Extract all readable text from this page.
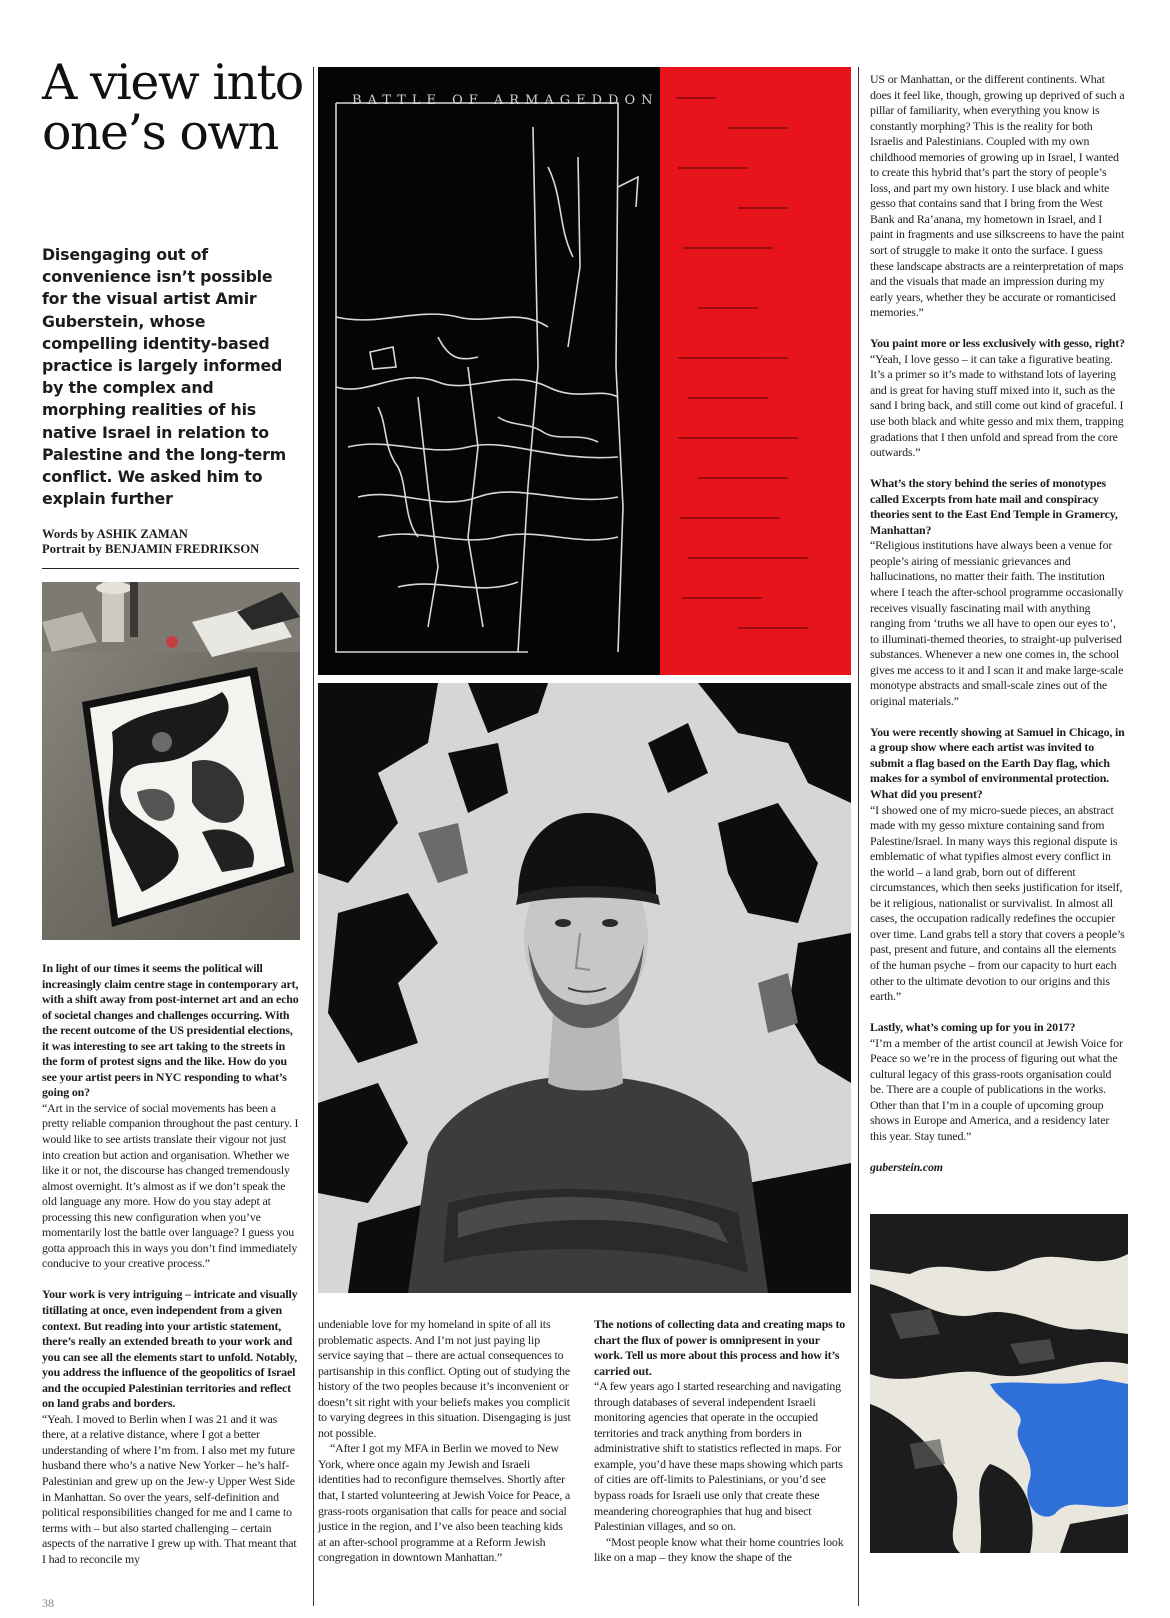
A view into one’s own
Disengaging out of convenience isn’t possible for the visual artist Amir Guberstein, whose compelling identity-based practice is largely informed by the complex and morphing realities of his native Israel in relation to Palestine and the long-term conflict. We asked him to explain further
Words by ASHIK ZAMAN
Portrait by BENJAMIN FREDRIKSON

In light of our times it seems the political will increasingly claim centre stage in contemporary art, with a shift away from post-internet art and an echo of societal changes and challenges occurring. With the recent outcome of the US presidential elections, it was interesting to see art taking to the streets in the form of protest signs and the like. How do you see your artist peers in NYC responding to what’s going on?

“Art in the service of social movements has been a pretty reliable companion throughout the past century. I would like to see artists translate their vigour not just into creation but action and organisation. Whether we like it or not, the discourse has changed tremendously almost overnight. It’s almost as if we don’t speak the old language any more. How do you stay adept at processing this new configuration when you’ve momentarily lost the battle over language? I guess you gotta approach this in ways you don’t find immediately conducive to your creative process.”

Your work is very intriguing – intricate and visually titillating at once, even independent from a given context. But reading into your artistic statement, there’s really an extended breath to your work and you can see all the elements start to unfold. Notably, you address the influence of the geopolitics of Israel and the occupied Palestinian territories and reflect on land grabs and borders.

“Yeah. I moved to Berlin when I was 21 and it was there, at a relative distance, where I got a better understanding of where I’m from. I also met my future husband there who’s a native New Yorker – he’s half-Palestinian and grew up on the Jew-y Upper West Side in Manhattan. So over the years, self-definition and political responsibilities changed for me and I came to terms with – but also started challenging – certain aspects of the narrative I grew up with. That meant that I had to reconcile my

BATTLE OF ARMAGEDDON

undeniable love for my homeland in spite of all its problematic aspects. And I’m not just paying lip service saying that – there are actual consequences to partisanship in this conflict. Opting out of studying the history of the two peoples because it’s inconvenient or doesn’t sit right with your beliefs makes you complicit to varying degrees in this situation. Disengaging is just not possible.

“After I got my MFA in Berlin we moved to New York, where once again my Jewish and Israeli identities had to reconfigure themselves. Shortly after that, I started volunteering at Jewish Voice for Peace, a grass-roots organisation that calls for peace and social justice in the region, and I’ve also been teaching kids at an after-school programme at a Reform Jewish congregation in downtown Manhattan.”

The notions of collecting data and creating maps to chart the flux of power is omnipresent in your work. Tell us more about this process and how it’s carried out.

“A few years ago I started researching and navigating through databases of several independent Israeli monitoring agencies that operate in the occupied territories and track anything from borders in administrative shift to statistics reflected in maps. For example, you’d have these maps showing which parts of cities are off-limits to Palestinians, or you’d see bypass roads for Israeli use only that create these meandering choreographies that hug and bisect Palestinian villages, and so on.

“Most people know what their home countries look like on a map – they know the shape of the

US or Manhattan, or the different continents. What does it feel like, though, growing up deprived of such a pillar of familiarity, when everything you know is constantly morphing? This is the reality for both Israelis and Palestinians. Coupled with my own childhood memories of growing up in Israel, I wanted to create this hybrid that’s part the story of people’s loss, and part my own history. I use black and white gesso that contains sand that I bring from the West Bank and Ra’anana, my hometown in Israel, and I paint in fragments and use silkscreens to have the paint sort of struggle to make it onto the surface. I guess these landscape abstracts are a reinterpretation of maps and the visuals that made an impression during my early years, whether they be accurate or romanticised memories.”

You paint more or less exclusively with gesso, right?

“Yeah, I love gesso – it can take a figurative beating. It’s a primer so it’s made to withstand lots of layering and is great for having stuff mixed into it, such as the sand I bring back, and still come out kind of graceful. I use both black and white gesso and mix them, trapping gradations that I then unfold and spread from the core outwards.”

What’s the story behind the series of monotypes called Excerpts from hate mail and conspiracy theories sent to the East End Temple in Gramercy, Manhattan?

“Religious institutions have always been a venue for people’s airing of messianic grievances and hallucinations, no matter their faith. The institution where I teach the after-school programme occasionally receives visually fascinating mail with anything ranging from ‘truths we all have to open our eyes to’, to illuminati-themed theories, to straight-up pulverised substances. Whenever a new one comes in, the school gives me access to it and I scan it and make large-scale monotype abstracts and small-scale zines out of the original materials.”

You were recently showing at Samuel in Chicago, in a group show where each artist was invited to submit a flag based on the Earth Day flag, which makes for a symbol of environmental protection. What did you present?

“I showed one of my micro-suede pieces, an abstract made with my gesso mixture containing sand from Palestine/Israel. In many ways this regional dispute is emblematic of what typifies almost every conflict in the world – a land grab, born out of different circumstances, which then seeks justification for itself, be it religious, nationalist or survivalist. In almost all cases, the occupation radically redefines the occupier over time. Land grabs tell a story that covers a people’s past, present and future, and contains all the elements of the human psyche – from our capacity to hurt each other to the ultimate devotion to our origins and this earth.”

Lastly, what’s coming up for you in 2017?

“I’m a member of the artist council at Jewish Voice for Peace so we’re in the process of figuring out what the cultural legacy of this grass-roots organisation could be. There are a couple of publications in the works. Other than that I’m in a couple of upcoming group shows in Europe and America, and a residency later this year. Stay tuned.”

guberstein.com

38
